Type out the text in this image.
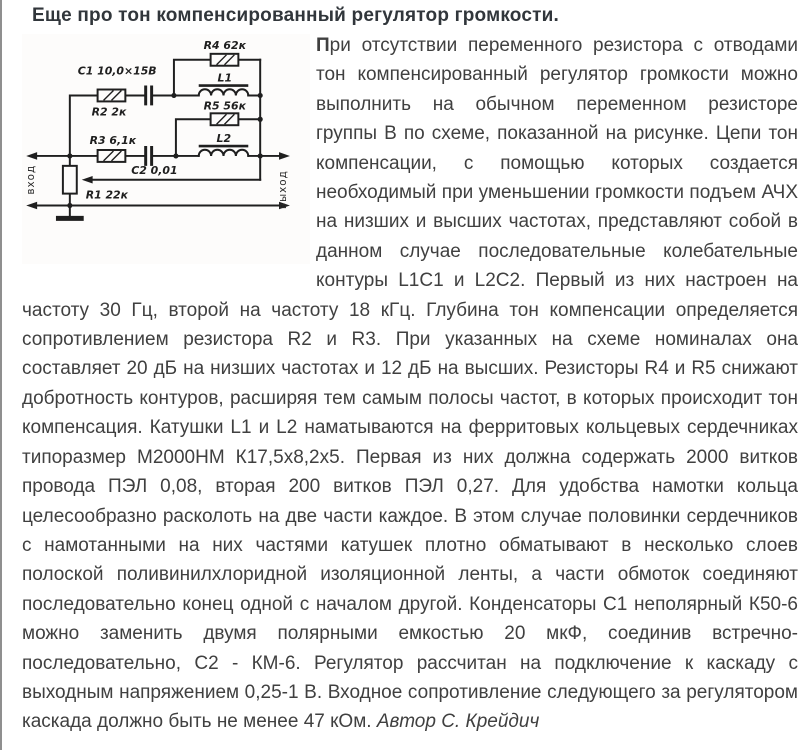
Еще про тон компенсированный регулятор громкости.
C1 10,0×15В
R2 2к
R3 6,1к
C2 0,01
R4 62к
L1
R5 56к
L2
R1 22к
вход	выход

При отсутствии переменного резистора с отводами тон компенсированный регулятор громкости можно выполнить на обычном переменном резисторе группы В по схеме, показанной на рисунке. Цепи тон компенсации, с помощью которых создается необходимый при уменьшении громкости подъем АЧХ на низших и высших частотах, представляют собой в данном случае последовательные колебательные контуры L1C1 и L2C2. Первый из них настроен на частоту 30 Гц, второй на частоту 18 кГц. Глубина тон компенсации определяется сопротивлением резистора R2 и R3. При указанных на схеме номиналах она составляет 20 дБ на низших частотах и 12 дБ на высших. Резисторы R4 и R5 снижают добротность контуров, расширяя тем самым полосы частот, в которых происходит тон компенсация. Катушки L1 и L2 наматываются на ферритовых кольцевых сердечниках типоразмер М2000НМ К17,5х8,2х5. Первая из них должна содержать 2000 витков провода ПЭЛ 0,08, вторая 200 витков ПЭЛ 0,27. Для удобства намотки кольца целесообразно расколоть на две части каждое. В этом случае половинки сердечников с намотанными на них частями катушек плотно обматывают в несколько слоев полоской поливинилхлоридной изоляционной ленты, а части обмоток соединяют последовательно конец одной с началом другой. Конденсаторы С1 неполярный К50-6 можно заменить двумя полярными емкостью 20 мкФ, соединив встречно-последовательно, С2 - КМ-6. Регулятор рассчитан на подключение к каскаду с выходным напряжением 0,25-1 В. Входное сопротивление следующего за регулятором каскада должно быть не менее 47 кОм. Автор С. Крейдич
